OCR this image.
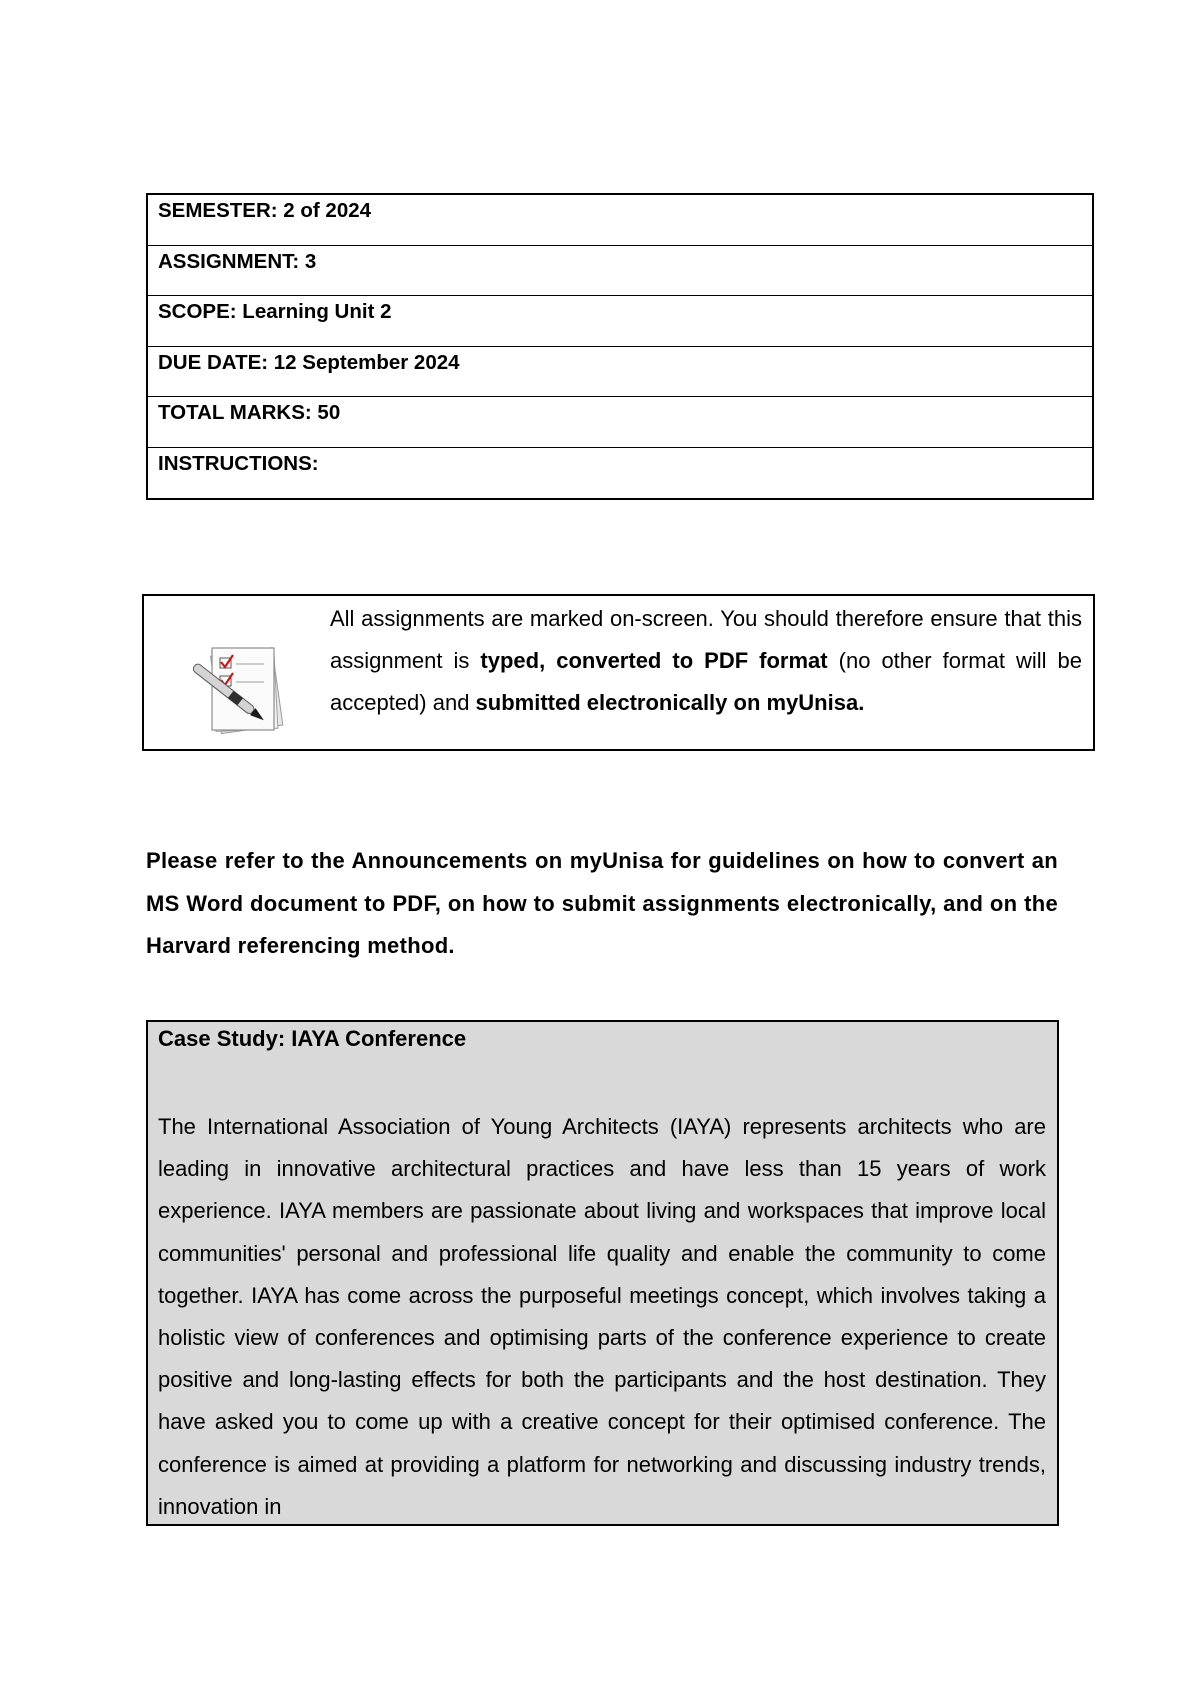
SEMESTER: 2 of 2024
ASSIGNMENT: 3
SCOPE: Learning Unit 2
DUE DATE: 12 September 2024
TOTAL MARKS: 50
INSTRUCTIONS:
All assignments are marked on-screen. You should therefore ensure that this assignment is typed, converted to PDF format (no other format will be accepted) and submitted electronically on myUnisa.
Please refer to the Announcements on myUnisa for guidelines on how to convert an MS Word document to PDF, on how to submit assignments electronically, and on the Harvard referencing method.
Case Study: IAYA Conference
The International Association of Young Architects (IAYA) represents architects who are leading in innovative architectural practices and have less than 15 years of work experience. IAYA members are passionate about living and workspaces that improve local communities' personal and professional life quality and enable the community to come together. IAYA has come across the purposeful meetings concept, which involves taking a holistic view of conferences and optimising parts of the conference experience to create positive and long-lasting effects for both the participants and the host destination. They have asked you to come up with a creative concept for their optimised conference. The conference is aimed at providing a platform for networking and discussing industry trends, innovation in
